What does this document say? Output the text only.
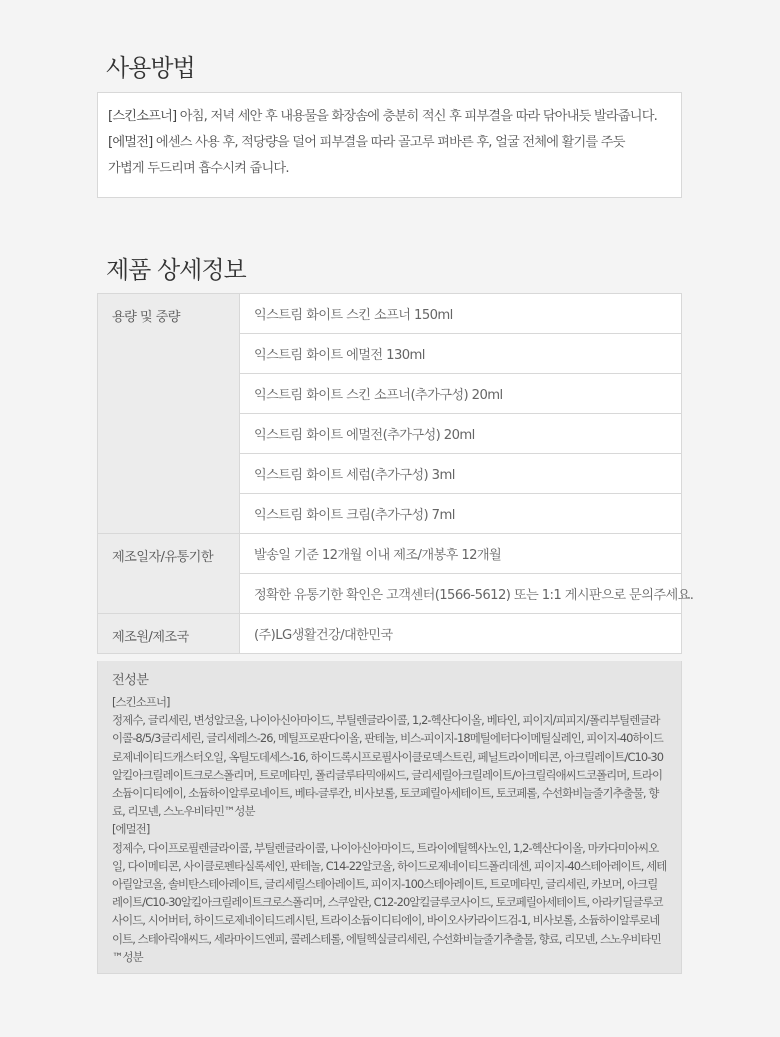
사용방법
[스킨소프너] 아침, 저녁 세안 후 내용물을 화장솜에 충분히 적신 후 피부결을 따라 닦아내듯 발라줍니다.
[에멀전] 에센스 사용 후, 적당량을 덜어 피부결을 따라 골고루 펴바른 후, 얼굴 전체에 활기를 주듯
가볍게 두드리며 흡수시켜 줍니다.
제품 상세정보
용량 및 중량	익스트림 화이트 스킨 소프너 150ml
	익스트림 화이트 에멀전 130ml
	익스트림 화이트 스킨 소프너(추가구성) 20ml
	익스트림 화이트 에멀전(추가구성) 20ml
	익스트림 화이트 세럼(추가구성) 3ml
	익스트림 화이트 크림(추가구성) 7ml
제조일자/유통기한	발송일 기준 12개월 이내 제조/개봉후 12개월
	정확한 유통기한 확인은 고객센터(1566-5612) 또는 1:1 게시판으로 문의주세요.
제조원/제조국	(주)LG생활건강/대한민국
전성분
[스킨소프너]
정제수, 글리세린, 변성알코올, 나이아신아마이드, 부틸렌글라이콜, 1,2-헥산다이올, 베타인, 피이지/피피지/폴리부틸렌글라이콜-8/5/3글리세린, 글리세레스-26, 메틸프로판다이올, 판테놀, 비스-피이지-18메틸에터다이메틸실레인, 피이지-40하이드로제네이티드캐스터오일, 옥틸도데세스-16, 하이드록시프로필사이클로덱스트린, 페닐트라이메티콘, 아크릴레이트/C10-30알킬아크릴레이트크로스폴리머, 트로메타민, 폴리글루타믹애씨드, 글리세릴아크릴레이트/아크릴릭애씨드코폴리머, 트라이소듐이디티에이, 소듐하이알루로네이트, 베타-글루칸, 비사보롤, 토코페릴아세테이트, 토코페롤, 수선화비늘줄기추출물, 향료, 리모넨, 스노우비타민™성분
[에멀전]
정제수, 다이프로필렌글라이콜, 부틸렌글라이콜, 나이아신아마이드, 트라이에틸헥사노인, 1,2-헥산다이올, 마카다미아씨오일, 다이메티콘, 사이클로펜타실록세인, 판테놀, C14-22알코올, 하이드로제네이티드폴리데센, 피이지-40스테아레이트, 세테아릴알코올, 솔비탄스테아레이트, 글리세릴스테아레이트, 피이지-100스테아레이트, 트로메타민, 글리세린, 카보머, 아크릴레이트/C10-30알킬아크릴레이트크로스폴리머, 스쿠알란, C12-20알킬글루코사이드, 토코페릴아세테이트, 아라키딜글루코사이드, 시어버터, 하이드로제네이티드레시틴, 트라이소듐이디티에이, 바이오사카라이드검-1, 비사보롤, 소듐하이알루로네이트, 스테아릭애씨드, 세라마이드엔피, 콜레스테롤, 에틸헥실글리세린, 수선화비늘줄기추출물, 향료, 리모넨, 스노우비타민™성분
